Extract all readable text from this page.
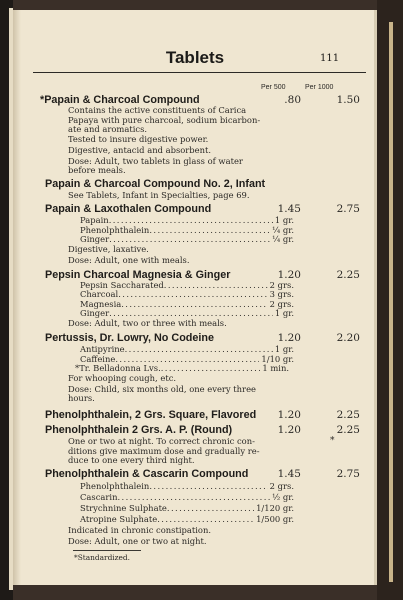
Tablets	111
Per 500	Per 1000
*Papain & Charcoal Compound	.80	1.50
Contains the active constituents of Carica
Papaya with pure charcoal, sodium bicarbon-
ate and aromatics.
Tested to insure digestive power.
Digestive, antacid and absorbent.
Dose: Adult, two tablets in glass of water
before meals.
Papain & Charcoal Compound No. 2, Infant
See Tablets, Infant in Specialties, page 69.
Papain & Laxothalen Compound	1.45	2.75
Papain .....	1 gr.
Phenolphthalein .....	¼ gr.
Ginger .....	¼ gr.
Digestive, laxative.
Dose: Adult, one with meals.
Pepsin Charcoal Magnesia & Ginger	1.20	2.25
Pepsin Saccharated .....	2 grs.
Charcoal .....	3 grs.
Magnesia .....	2 grs.
Ginger .....	1 gr.
Dose: Adult, two or three with meals.
Pertussis, Dr. Lowry, No Codeine	1.20	2.20
Antipyrine .....	1 gr.
Caffeine .....	1/10 gr.
*Tr. Belladonna Lvs. .....	1 min.
For whooping cough, etc.
Dose: Child, six months old, one every three
hours.
Phenolphthalein, 2 Grs. Square, Flavored 1.20	2.25
Phenolphthalein 2 Grs. A. P. (Round)	1.20	2.25
One or two at night. To correct chronic con-	*
ditions give maximum dose and gradually re-
duce to one every third night.
Phenolphthalein & Cascarin Compound	1.45	2.75
Phenolphthalein .....	2 grs.
Cascarin .....	½ gr.
Strychnine Sulphate .....	1/120 gr.
Atropine Sulphate .....	1/500 gr.
Indicated in chronic constipation.
Dose: Adult, one or two at night.
*Standardized.
